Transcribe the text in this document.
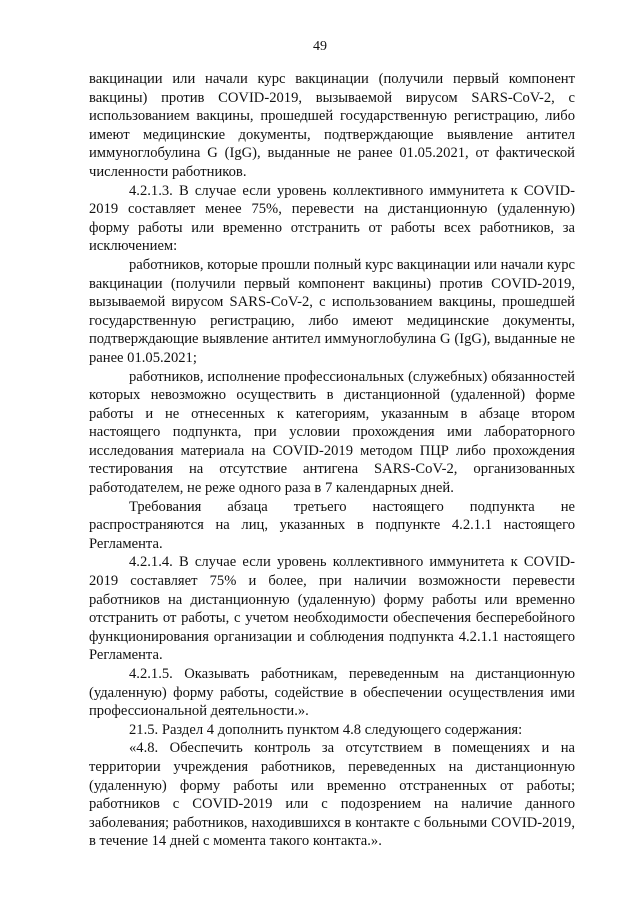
49

вакцинации или начали курс вакцинации (получили первый компонент вакцины) против COVID-2019, вызываемой вирусом SARS-CoV-2, с использованием вакцины, прошедшей государственную регистрацию, либо имеют медицинские документы, подтверждающие выявление антител иммуноглобулина G (IgG), выданные не ранее 01.05.2021, от фактической численности работников.

4.2.1.3. В случае если уровень коллективного иммунитета к COVID-2019 составляет менее 75%, перевести на дистанционную (удаленную) форму работы или временно отстранить от работы всех работников, за исключением:

работников, которые прошли полный курс вакцинации или начали курс вакцинации (получили первый компонент вакцины) против COVID-2019, вызываемой вирусом SARS-CoV-2, с использованием вакцины, прошедшей государственную регистрацию, либо имеют медицинские документы, подтверждающие выявление антител иммуноглобулина G (IgG), выданные не ранее 01.05.2021;

работников, исполнение профессиональных (служебных) обязанностей которых невозможно осуществить в дистанционной (удаленной) форме работы и не отнесенных к категориям, указанным в абзаце втором настоящего подпункта, при условии прохождения ими лабораторного исследования материала на COVID-2019 методом ПЦР либо прохождения тестирования на отсутствие антигена SARS-CoV-2, организованных работодателем, не реже одного раза в 7 календарных дней.

Требования абзаца третьего настоящего подпункта не распространяются на лиц, указанных в подпункте 4.2.1.1 настоящего Регламента.

4.2.1.4. В случае если уровень коллективного иммунитета к COVID-2019 составляет 75% и более, при наличии возможности перевести работников на дистанционную (удаленную) форму работы или временно отстранить от работы, с учетом необходимости обеспечения бесперебойного функционирования организации и соблюдения подпункта 4.2.1.1 настоящего Регламента.

4.2.1.5. Оказывать работникам, переведенным на дистанционную (удаленную) форму работы, содействие в обеспечении осуществления ими профессиональной деятельности.».

21.5. Раздел 4 дополнить пунктом 4.8 следующего содержания:

«4.8. Обеспечить контроль за отсутствием в помещениях и на территории учреждения работников, переведенных на дистанционную (удаленную) форму работы или временно отстраненных от работы; работников с COVID-2019 или с подозрением на наличие данного заболевания; работников, находившихся в контакте с больными COVID-2019, в течение 14 дней с момента такого контакта.».
